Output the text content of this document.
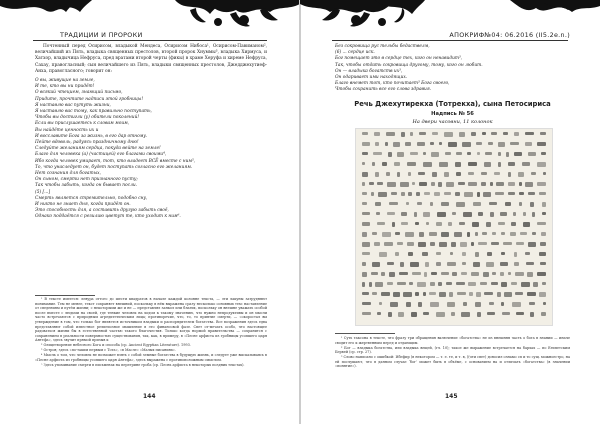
ТРАДИЦИИ И ПРОРОКИ

Почтенный перед Осирисом, владыкой Мендеса, Осирисом Нибоса¹, Осирисом-Павиманом², величайший из Пять, владыка священных престолов, второй пророк Хнуммы³, владыка Хирмуса, и Хатхор, владычица Нефруса, пред вратами второй черты (фикы) в храме Херуфа и хиреме Нефруса, Сахау, правогласный; сын величайшего из Пять, владыки священных престолов, Джедджехутиеф-Анха, правогласного; говорит он:

О вы, живущие на земле,

И те, кто вы ни придёт!

О всякий чтецием, знающий письмо,

Придите, прочтите надписи этой гробницы!

Я наставлю вас путуть жизни,

Я наставлю вас тому, как правильно поступать,

Чтобы вы достигли (у) обители поколений!

Если вы прислушаетесь к словам моим,

Вы найдёте ценность их и

И восславите Бога за жизнь, в его дар отному.

Пейте вдоволь, радуясь праздничному дню!

Следуйте желаниям сердца, покуда вейте на земле!

Благо для человека (а) (частицей) его благами своими⁴,

Ибо когда человек умирает, тот, кто владеет ВСЁ вместе с ним⁵,

То, что унаследует он, будет поступать согласно его желаниям.

Нет сознания для богатых,

Он сыном, смерти нет признанного пусту;

Так чтобы забыть, когда он бывает посли.

(5) [...]

Смерть является стремительно, подобно сну,

И никто не знает дня, когда придёт он.

Это способность для, а составить другую забыть своё,

Однако поддаётся с резилию цветут те, кто уходит к ним⁶.

¹ В тексте имеется: левура оттого до шести квадратов в начале каждой колонне текста, — эти лакуны затрудняют понимание. Тем не менее, текст сохраняет внешний, поскольку в нём выражена сразу несколько основных тем: наставление от сведениям и путём жизни; с некоторыми же и не — представлял занкол или благих, поскольку он внешне уважать особой после вместе с людьми на своей, где тенкие человек на ходом к такому значению, что нужно непродуктивы и он мысли часто встречаются с природным агредитетическим лица; противоречие, что, то, то приятие смерти, — «окоростал вы утверждение в том, что только бог является источником владыки и распорядителем богатства. Все возражения здесь едва представляют собой известное религиозное мышление в это финансовой фазе. Свет от-мечать особо, что настоящее радоваться жизни бы в естественной частью такого благочестия. Только когда нормой правительства — сохранится с сохранением в реальности поверхностью существования, так, как, в примеру, в «Песне арфиста из гробницы усопшего царя Антефа», здесь звучит прямой призыв к

² Олицетворение небесного Бога и способа (ср. Ancient Egyptian Literature). 1993.

³ Остров; здесь «по-таким первым с Тота», «в Масле» «Малых писаниях».

⁴ Мысль о том, что человек не возможет взять с собой земные богатства в будущую жизнь, и следует уже высказываясь в «Песне арфиста из гробницы усопшего царя Антефа», здесь выражена с противоположным смыслом.

⁵ Здесь упоминание смерти в письменах на перегрине гроба (ср. Песнь арфиста в некоторых поздних текстах).

144
АПОКРИФ№04: 06.2016 (II5.2е.n.)

Без сокровища рус тельбы бедаствелм,

(6) ... сердце иск.

Бог помещает это в сердце тех, кого он ненавидит³,

Так, чтобы отдать сокровища другому, тому, кого он любит.

Он — владыка богатств их³,

Он одаривает ими находящих.

Благо внемет тот, кто почитает³ Бога своего,

Чтобы сохранить все его слова здравия.

Речь Джехутирекха (Тотрекха), сына Петосириса
Надпись № 56
На двери часовни, 11 колонок

¹ Суть таксона в тексте, что фразу три обращения включение «богатства» не из внешняя часть о бога в знании — иначе сводит его к жертвенным перед и отдающим.

² Бог — владыка богатства, или владыка вещей, (гл. 10); такое же выражение встречается на бархах — по Египетским Бервей (ср. стр. 27).

³ Слово написано с ошибкой: Ибефир (в некотором — т. е. те, и т. в, ((чти свет) доносил ознамо сп и то сущ. можноестро, на ей послушают, что в данном случае ‘бог’ может быть в объёме, с основанием на и отличать «богатства» (в значении «понятие»).

145
